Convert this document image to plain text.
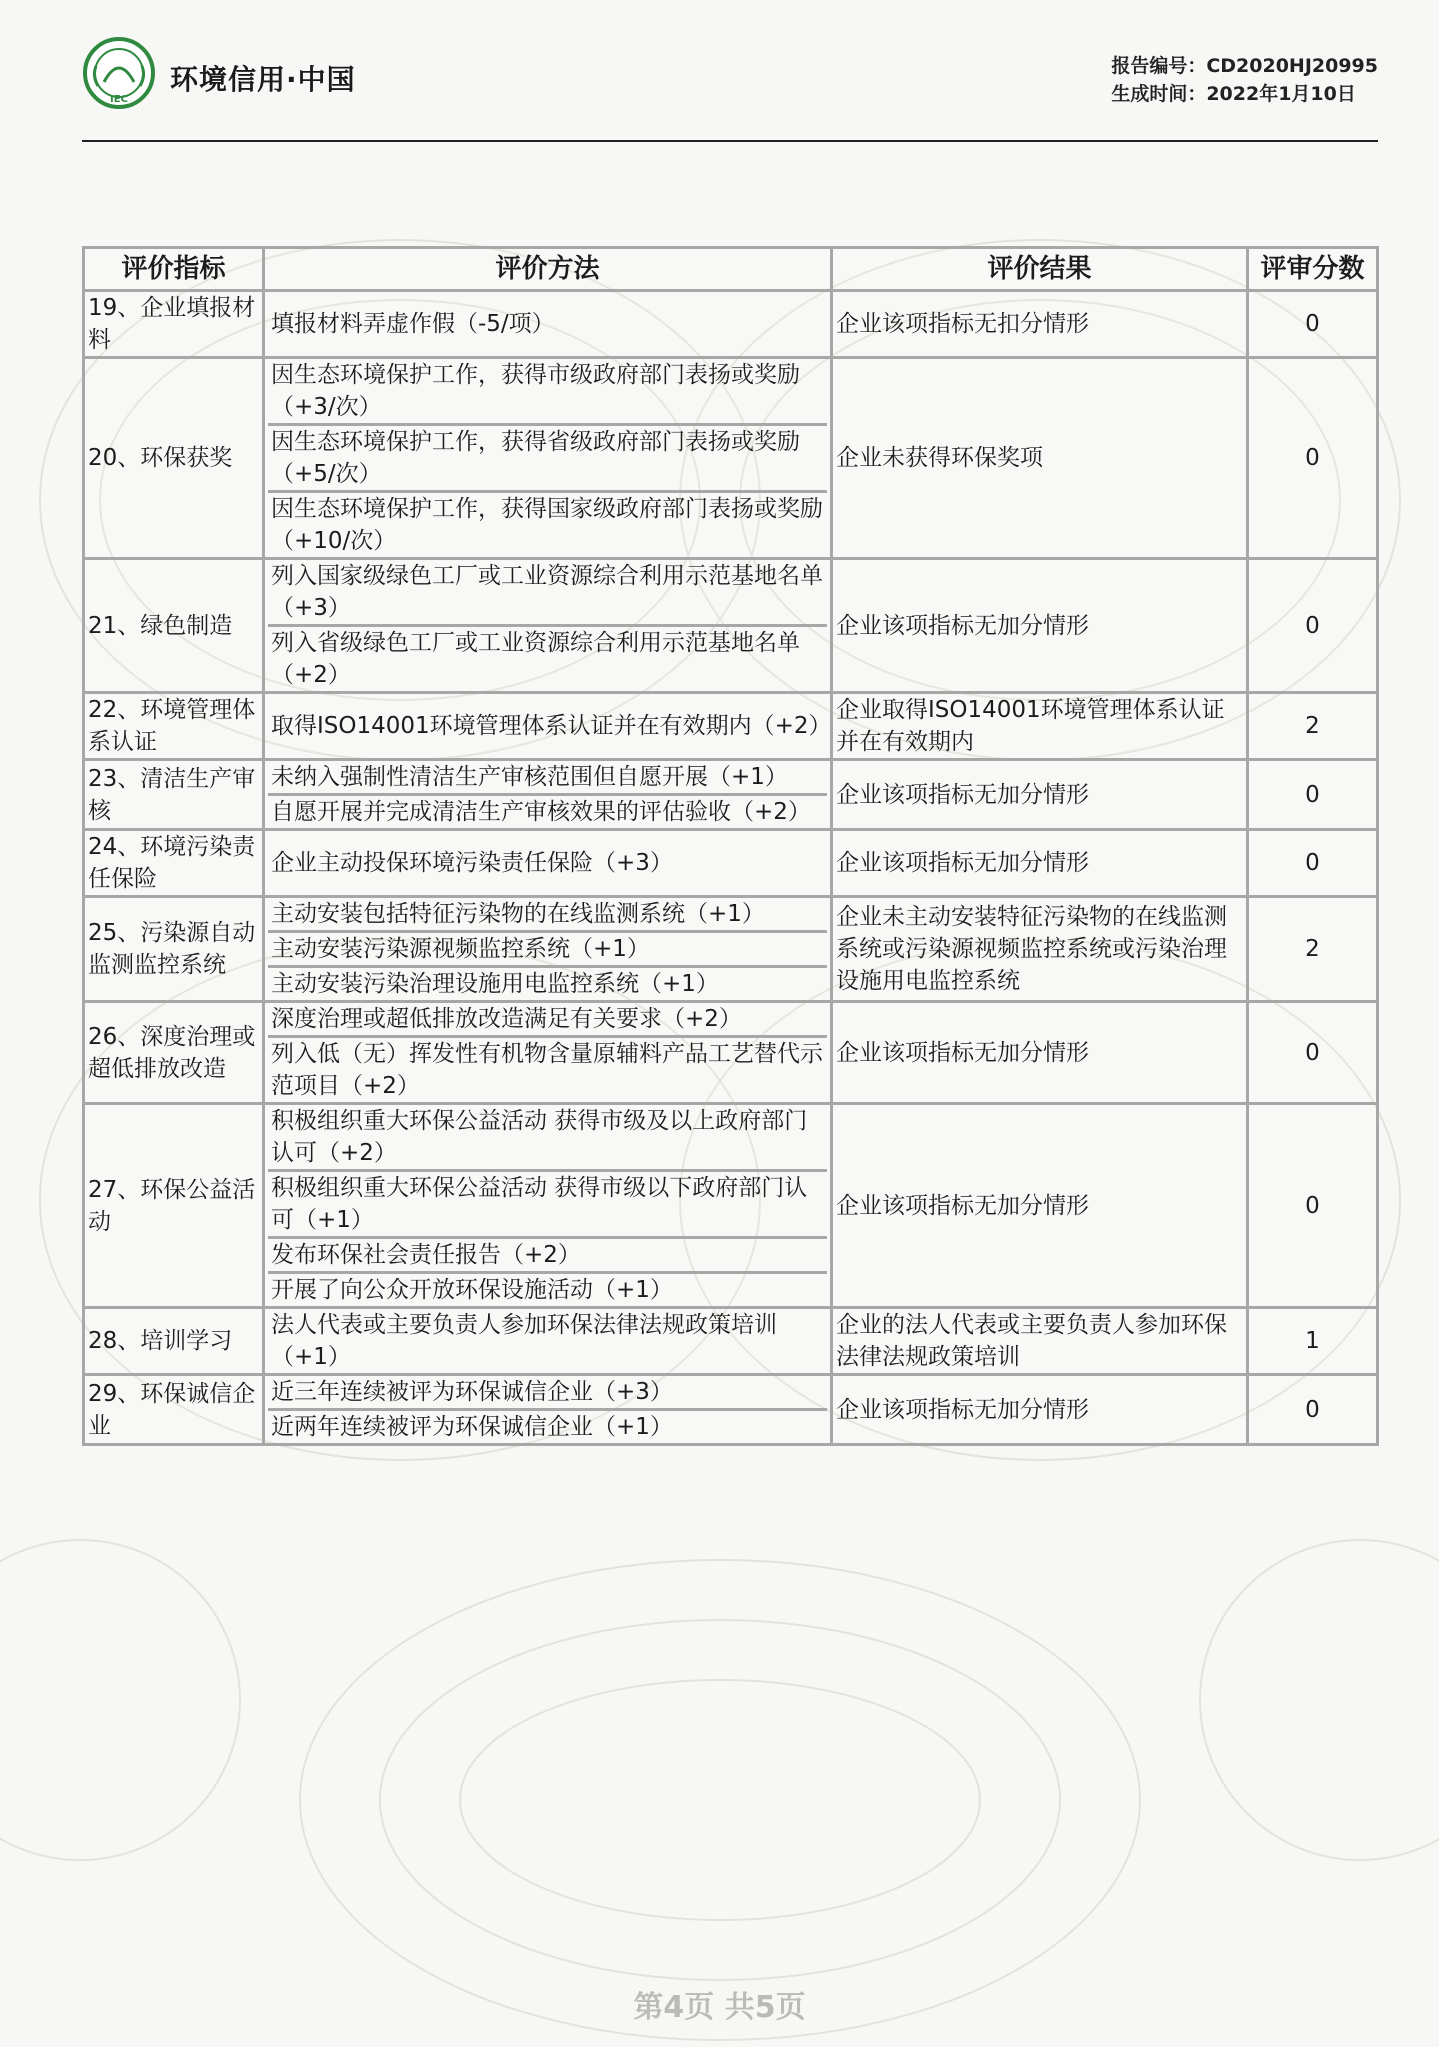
IEC
环境信用·中国	报告编号：CD2020HJ20995
生成时间：2022年1月10日
评价指标	评价方法	评价结果	评审分数
19、企业填报材料	填报材料弄虚作假（-5/项）	企业该项指标无扣分情形	0
20、环保获奖	因生态环境保护工作，获得市级政府部门表扬或奖励（+3/次）
因生态环境保护工作，获得省级政府部门表扬或奖励（+5/次）
因生态环境保护工作，获得国家级政府部门表扬或奖励（+10/次）	企业未获得环保奖项	0
21、绿色制造	列入国家级绿色工厂或工业资源综合利用示范基地名单（+3）
列入省级绿色工厂或工业资源综合利用示范基地名单（+2）	企业该项指标无加分情形	0
22、环境管理体系认证	取得ISO14001环境管理体系认证并在有效期内（+2）	企业取得ISO14001环境管理体系认证并在有效期内	2
23、清洁生产审核	未纳入强制性清洁生产审核范围但自愿开展（+1）
自愿开展并完成清洁生产审核效果的评估验收（+2）	企业该项指标无加分情形	0
24、环境污染责任保险	企业主动投保环境污染责任保险（+3）	企业该项指标无加分情形	0
25、污染源自动监测监控系统	主动安装包括特征污染物的在线监测系统（+1）
主动安装污染源视频监控系统（+1）
主动安装污染治理设施用电监控系统（+1）	企业未主动安装特征污染物的在线监测系统或污染源视频监控系统或污染治理设施用电监控系统	2
26、深度治理或超低排放改造	深度治理或超低排放改造满足有关要求（+2）
列入低（无）挥发性有机物含量原辅料产品工艺替代示范项目（+2）	企业该项指标无加分情形	0
27、环保公益活动	积极组织重大环保公益活动 获得市级及以上政府部门认可（+2）
积极组织重大环保公益活动 获得市级以下政府部门认可（+1）
发布环保社会责任报告（+2）
开展了向公众开放环保设施活动（+1）	企业该项指标无加分情形	0
28、培训学习	法人代表或主要负责人参加环保法律法规政策培训（+1）	企业的法人代表或主要负责人参加环保法律法规政策培训	1
29、环保诚信企业	近三年连续被评为环保诚信企业（+3）
近两年连续被评为环保诚信企业（+1）	企业该项指标无加分情形	0
第4页 共5页
